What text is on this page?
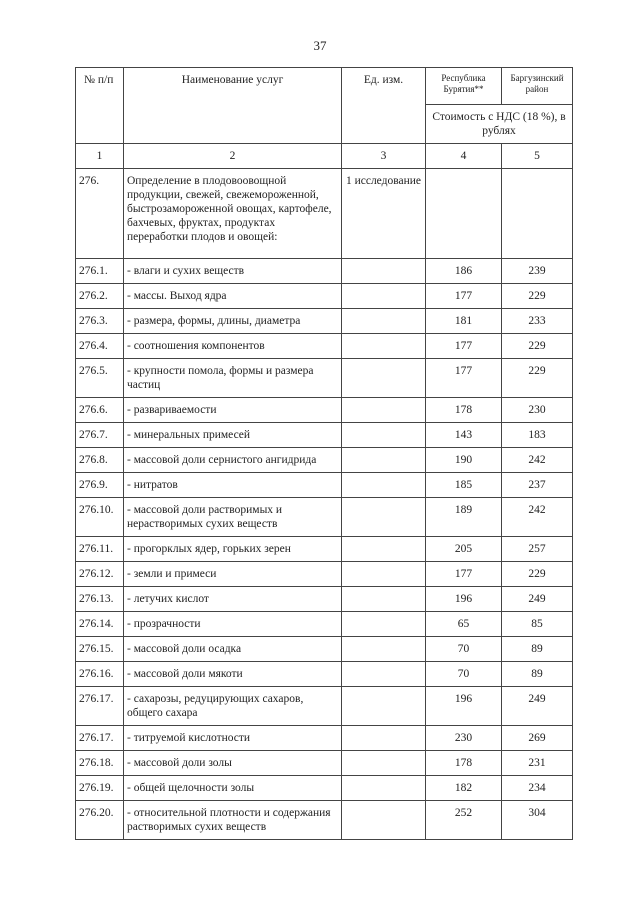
37
№ п/п	Наименование услуг	Ед. изм.	Республика Бурятия**	Баргузинский район
			Стоимость с НДС (18 %), в рублях	
1	2	3	4	5
276.	Определение в плодовоовощной продукции, свежей, свежемороженной, быстрозамороженной овощах, картофеле, бахчевых, фруктах, продуктах переработки плодов и овощей:	1 исследование		
276.1.	- влаги и сухих веществ		186	239
276.2.	- массы. Выход ядра		177	229
276.3.	- размера, формы, длины, диаметра		181	233
276.4.	- соотношения компонентов		177	229
276.5.	- крупности помола, формы и размера частиц		177	229
276.6.	- развариваемости		178	230
276.7.	- минеральных примесей		143	183
276.8.	- массовой доли сернистого ангидрида		190	242
276.9.	- нитратов		185	237
276.10.	- массовой доли растворимых и нерастворимых сухих веществ		189	242
276.11.	- прогорклых ядер, горьких зерен		205	257
276.12.	- земли и примеси		177	229
276.13.	- летучих кислот		196	249
276.14.	- прозрачности		65	85
276.15.	- массовой доли осадка		70	89
276.16.	- массовой доли мякоти		70	89
276.17.	- сахарозы, редуцирующих сахаров, общего сахара		196	249
276.17.	- титруемой кислотности		230	269
276.18.	- массовой доли золы		178	231
276.19.	- общей щелочности золы		182	234
276.20.	- относительной плотности и содержания растворимых сухих веществ		252	304
